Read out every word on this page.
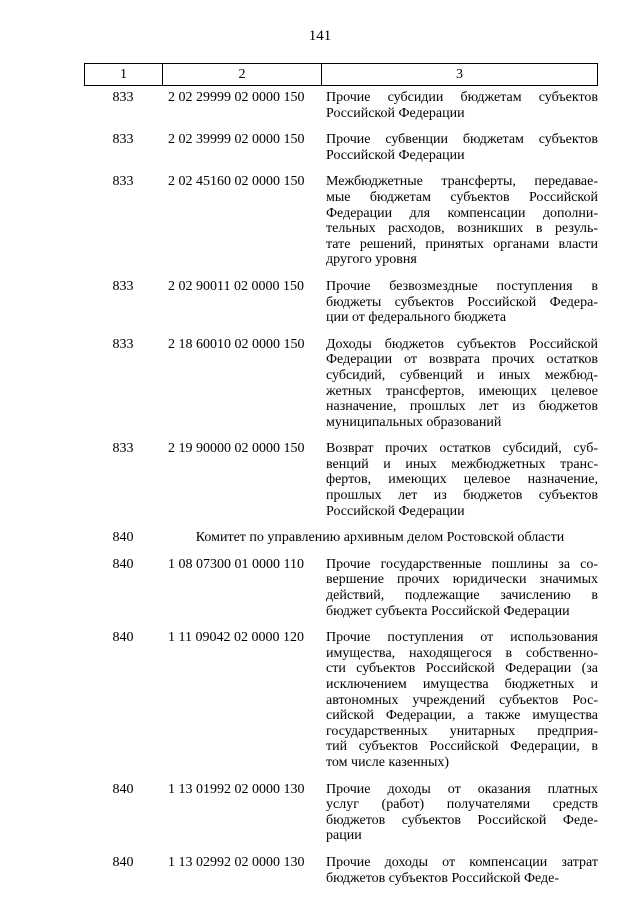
141
1	2	3
833	2 02 29999 02 0000 150	Прочие субсидии бюджетам субъектов
Российской Федерации
833	2 02 39999 02 0000 150	Прочие субвенции бюджетам субъектов
Российской Федерации
833	2 02 45160 02 0000 150	Межбюджетные трансферты, передавае-
мые бюджетам субъектов Российской
Федерации для компенсации дополни-
тельных расходов, возникших в резуль-
тате решений, принятых органами власти
другого уровня
833	2 02 90011 02 0000 150	Прочие безвозмездные поступления в
бюджеты субъектов Российской Федера-
ции от федерального бюджета
833	2 18 60010 02 0000 150	Доходы бюджетов субъектов Российской
Федерации от возврата прочих остатков
субсидий, субвенций и иных межбюд-
жетных трансфертов, имеющих целевое
назначение, прошлых лет из бюджетов
муниципальных образований
833	2 19 90000 02 0000 150	Возврат прочих остатков субсидий, суб-
венций и иных межбюджетных транс-
фертов, имеющих целевое назначение,
прошлых лет из бюджетов субъектов
Российской Федерации
840	Комитет по управлению архивным делом Ростовской области
840	1 08 07300 01 0000 110	Прочие государственные пошлины за со-
вершение прочих юридически значимых
действий, подлежащие зачислению в
бюджет субъекта Российской Федерации
840	1 11 09042 02 0000 120	Прочие поступления от использования
имущества, находящегося в собственно-
сти субъектов Российской Федерации (за
исключением имущества бюджетных и
автономных учреждений субъектов Рос-
сийской Федерации, а также имущества
государственных унитарных предприя-
тий субъектов Российской Федерации, в
том числе казенных)
840	1 13 01992 02 0000 130	Прочие доходы от оказания платных
услуг (работ) получателями средств
бюджетов субъектов Российской Феде-
рации
840	1 13 02992 02 0000 130	Прочие доходы от компенсации затрат
бюджетов субъектов Российской Феде-
